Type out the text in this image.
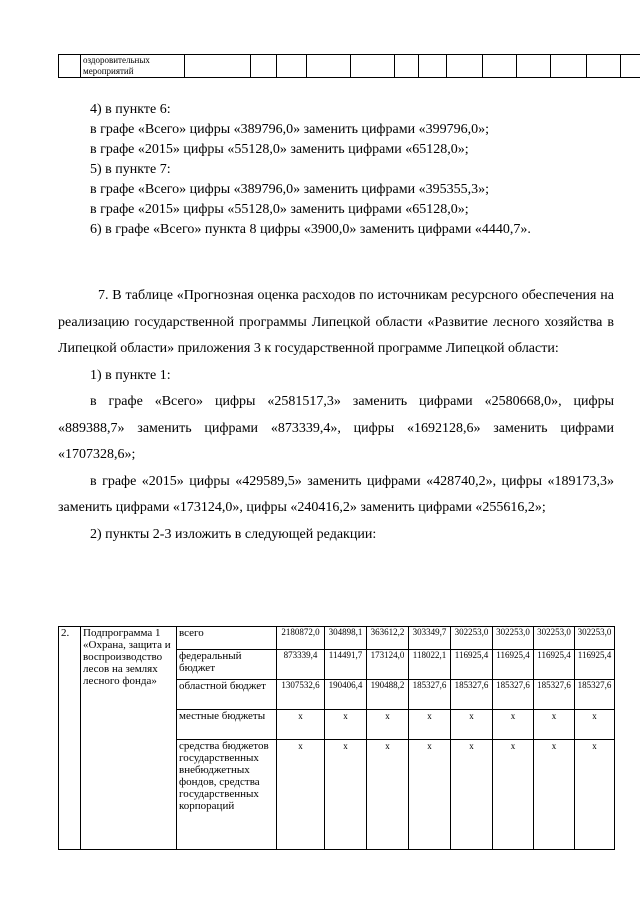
	оздоровительных
мероприятий													

4) в пункте 6:

в графе «Всего» цифры «389796,0» заменить цифрами «399796,0»;

в графе «2015» цифры «55128,0» заменить цифрами «65128,0»;

5) в пункте 7:

в графе «Всего» цифры «389796,0» заменить цифрами «395355,3»;

в графе «2015» цифры «55128,0» заменить цифрами «65128,0»;

6) в графе «Всего» пункта 8 цифры «3900,0» заменить цифрами «4440,7».

7. В таблице «Прогнозная оценка расходов по источникам ресурсного обеспечения на реализацию государственной программы Липецкой области «Развитие лесного хозяйства в Липецкой области» приложения 3 к государственной программе Липецкой области:

1) в пункте 1:

в графе «Всего» цифры «2581517,3» заменить цифрами «2580668,0», цифры «889388,7» заменить цифрами «873339,4», цифры «1692128,6» заменить цифрами «1707328,6»;

в графе «2015» цифры «429589,5» заменить цифрами «428740,2», цифры «189173,3» заменить цифрами «173124,0», цифры «240416,2» заменить цифрами «255616,2»;

2) пункты 2-3 изложить в следующей редакции:

2.	Подпрограмма 1 «Охрана, защита и воспроизводство лесов на землях лесного фонда»	всего	2180872,0	304898,1	363612,2	303349,7	302253,0	302253,0	302253,0	302253,0
		федеральный бюджет	873339,4	114491,7	173124,0	118022,1	116925,4	116925,4	116925,4	116925,4
		областной бюджет	1307532,6	190406,4	190488,2	185327,6	185327,6	185327,6	185327,6	185327,6
		местные бюджеты	x	x	x	x	x	x	x	x
		средства бюджетов государственных внебюджетных фондов, средства государственных корпораций	x	x	x	x	x	x	x	x
